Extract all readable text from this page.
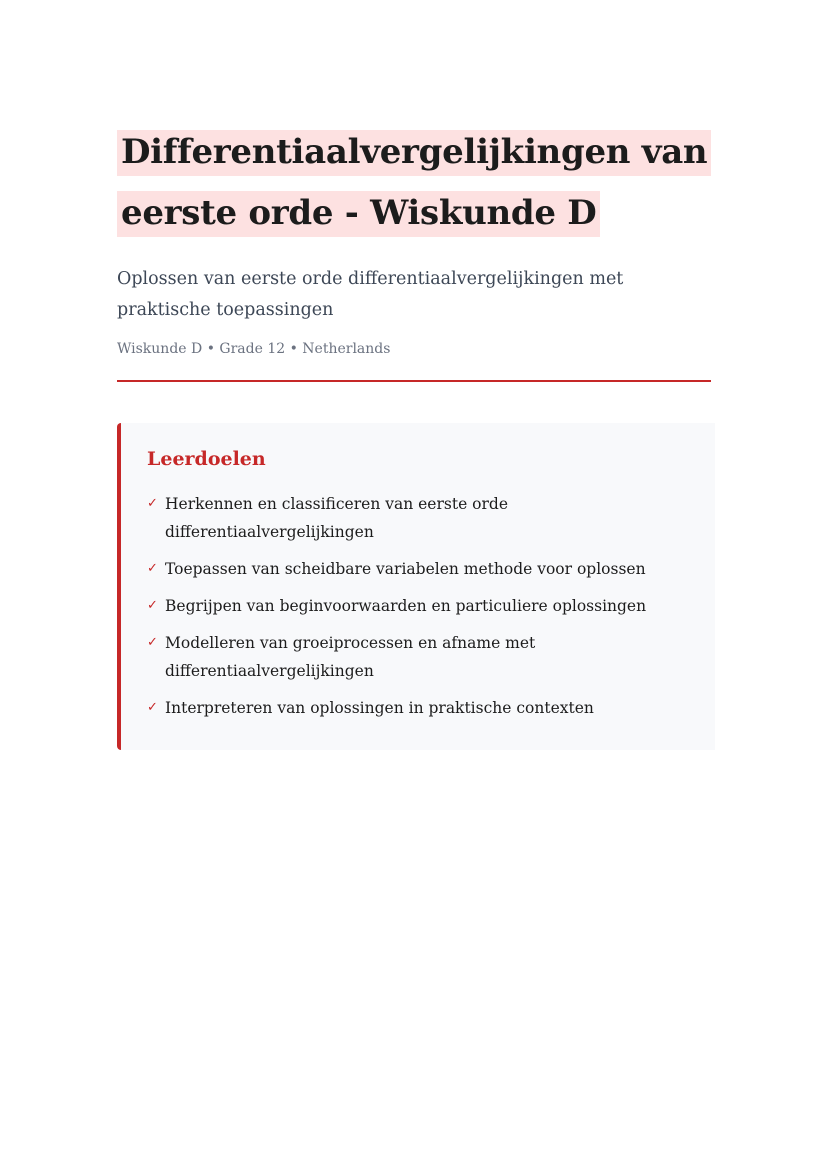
Differentiaalvergelijkingen van eerste orde - Wiskunde D

Oplossen van eerste orde differentiaalvergelijkingen met praktische toepassingen

Wiskunde D • Grade 12 • Netherlands

Leerdoelen
✓ Herkennen en classificeren van eerste orde differentiaalvergelijkingen
✓ Toepassen van scheidbare variabelen methode voor oplossen
✓ Begrijpen van beginvoorwaarden en particuliere oplossingen
✓ Modelleren van groeiprocessen en afname met differentiaalvergelijkingen
✓ Interpreteren van oplossingen in praktische contexten
